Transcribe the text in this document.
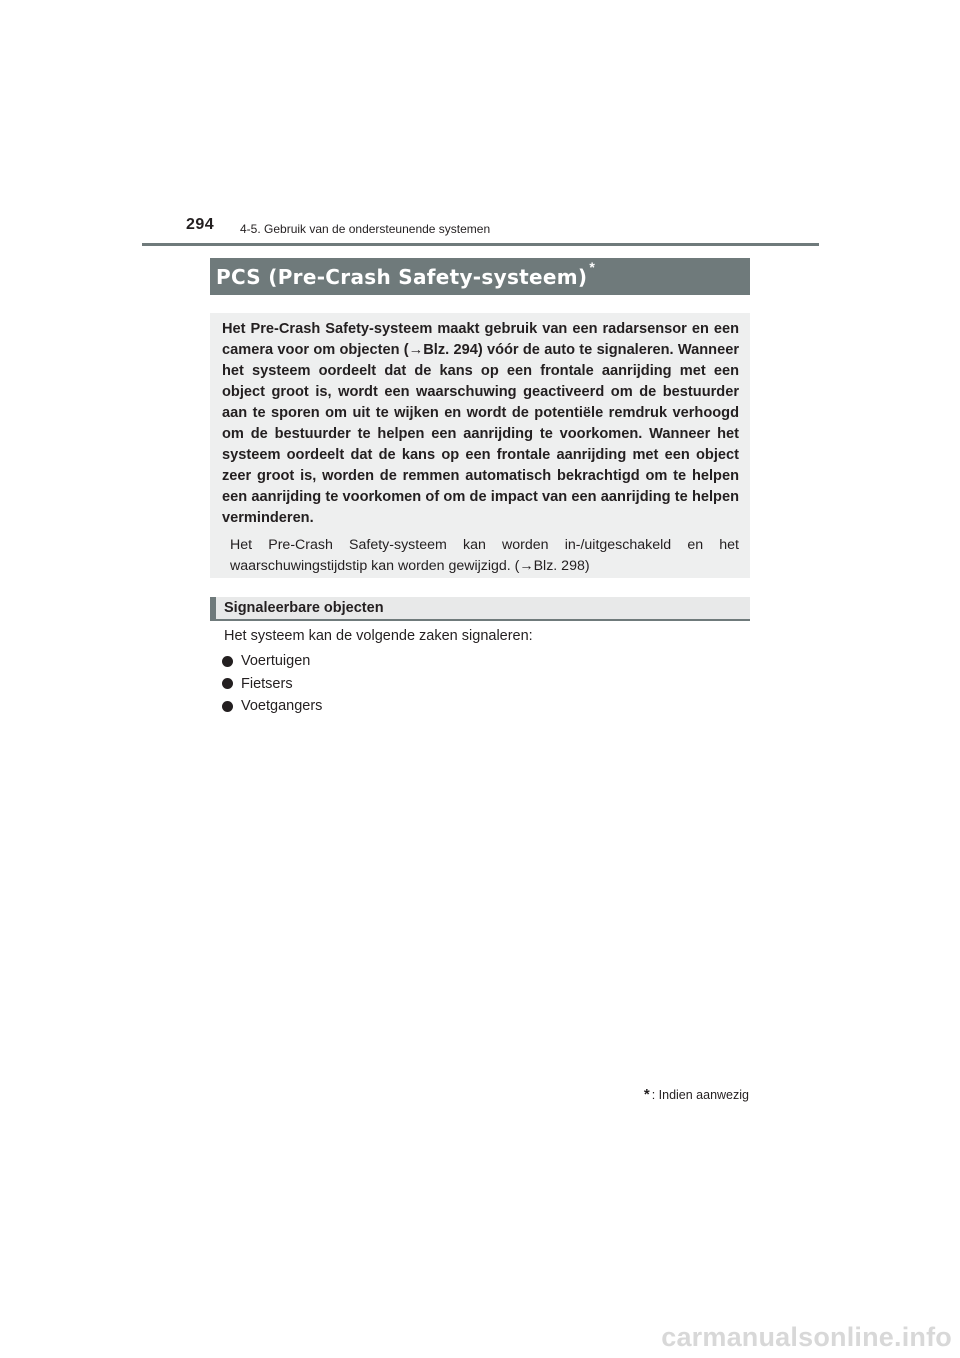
294 4-5. Gebruik van de ondersteunende systemen
PCS (Pre-Crash Safety-systeem) *

Het Pre-Crash Safety-systeem maakt gebruik van een radarsensor en een camera voor om objecten (→Blz. 294) vóór de auto te signaleren. Wanneer het systeem oordeelt dat de kans op een frontale aanrijding met een object groot is, wordt een waarschuwing geactiveerd om de bestuurder aan te sporen om uit te wijken en wordt de potentiële remdruk verhoogd om de bestuurder te helpen een aanrijding te voorkomen. Wanneer het systeem oordeelt dat de kans op een frontale aanrijding met een object zeer groot is, worden de remmen automatisch bekrachtigd om te helpen een aanrijding te voorkomen of om de impact van een aanrijding te helpen verminderen.

Het Pre-Crash Safety-systeem kan worden in-/uitgeschakeld en het waarschuwingstijdstip kan worden gewijzigd. (→Blz. 298)

Signaleerbare objecten
Het systeem kan de volgende zaken signaleren:
Voertuigen
Fietsers
Voetgangers
* : Indien aanwezig
carmanualsonline.info
